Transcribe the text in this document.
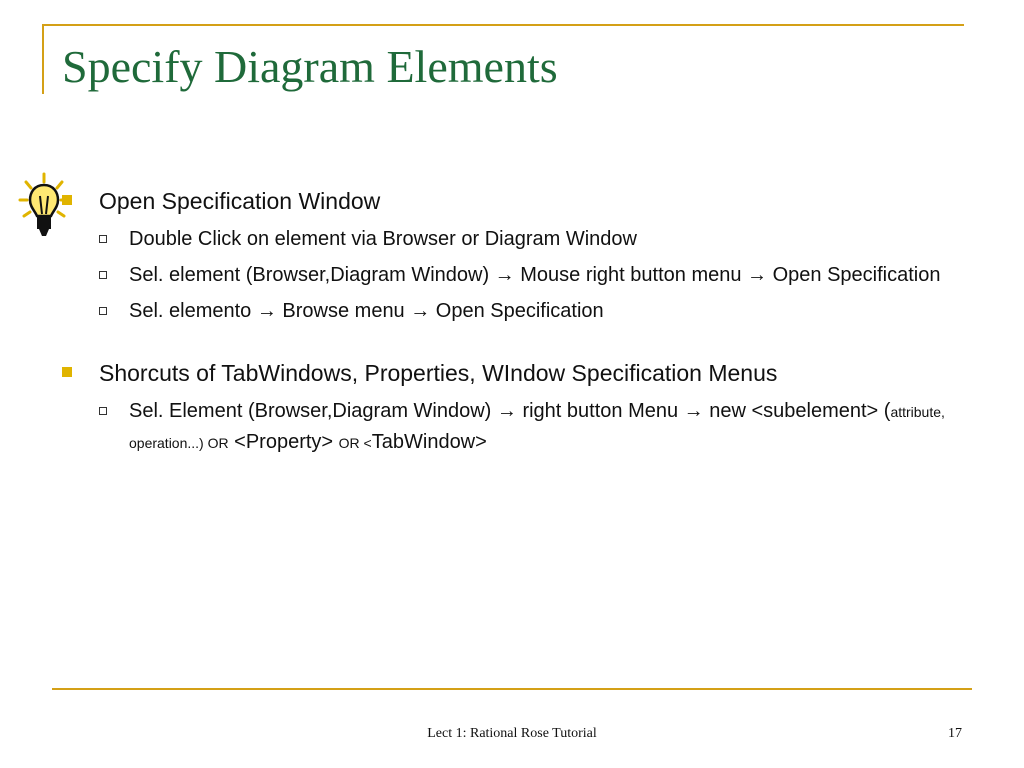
Specify Diagram Elements
Open Specification Window
Double Click on element via Browser or Diagram Window
Sel. element (Browser,Diagram Window) → Mouse right button menu → Open Specification
Sel. elemento → Browse menu → Open Specification
Shorcuts of TabWindows, Properties, WIndow Specification Menus
Sel. Element (Browser,Diagram Window) → right button Menu → new <subelement> (attribute, operation...) OR <Property> OR <TabWindow>
Lect 1: Rational Rose Tutorial	17
